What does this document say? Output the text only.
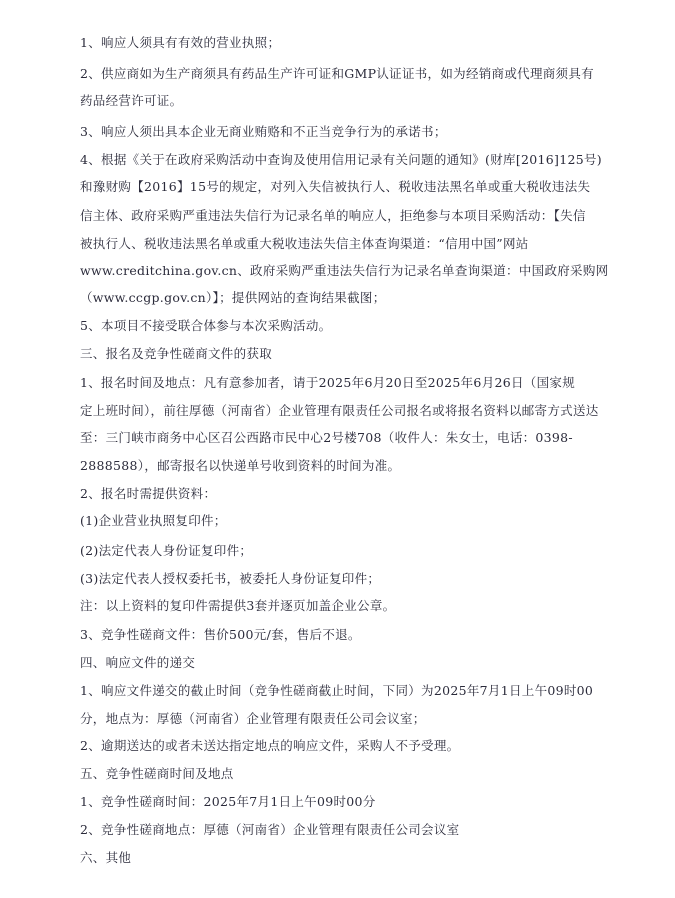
1、响应人须具有有效的营业执照；
2、供应商如为生产商须具有药品生产许可证和GMP认证证书，如为经销商或代理商须具有
药品经营许可证。
3、响应人须出具本企业无商业贿赂和不正当竞争行为的承诺书；
4、根据《关于在政府采购活动中查询及使用信用记录有关问题的通知》(财库[2016]125号)
和豫财购【2016】15号的规定，对列入失信被执行人、税收违法黑名单或重大税收违法失
信主体、政府采购严重违法失信行为记录名单的响应人，拒绝参与本项目采购活动：【失信
被执行人、税收违法黑名单或重大税收违法失信主体查询渠道：“信用中国”网站
www.creditchina.gov.cn、政府采购严重违法失信行为记录名单查询渠道：中国政府采购网
（www.ccgp.gov.cn）】；提供网站的查询结果截图；
5、本项目不接受联合体参与本次采购活动。
三、报名及竞争性磋商文件的获取
1、报名时间及地点：凡有意参加者，请于2025年6月20日至2025年6月26日（国家规
定上班时间），前往厚德（河南省）企业管理有限责任公司报名或将报名资料以邮寄方式送达
至：三门峡市商务中心区召公西路市民中心2号楼708（收件人：朱女士，电话：0398-
2888588），邮寄报名以快递单号收到资料的时间为准。
2、报名时需提供资料：
(1)企业营业执照复印件；
(2)法定代表人身份证复印件；
(3)法定代表人授权委托书，被委托人身份证复印件；
注：以上资料的复印件需提供3套并逐页加盖企业公章。
3、竞争性磋商文件：售价500元/套，售后不退。
四、响应文件的递交
1、响应文件递交的截止时间（竞争性磋商截止时间，下同）为2025年7月1日上午09时00
分，地点为：厚德（河南省）企业管理有限责任公司会议室；
2、逾期送达的或者未送达指定地点的响应文件，采购人不予受理。
五、竞争性磋商时间及地点
1、竞争性磋商时间：2025年7月1日上午09时00分
2、竞争性磋商地点：厚德（河南省）企业管理有限责任公司会议室
六、其他
